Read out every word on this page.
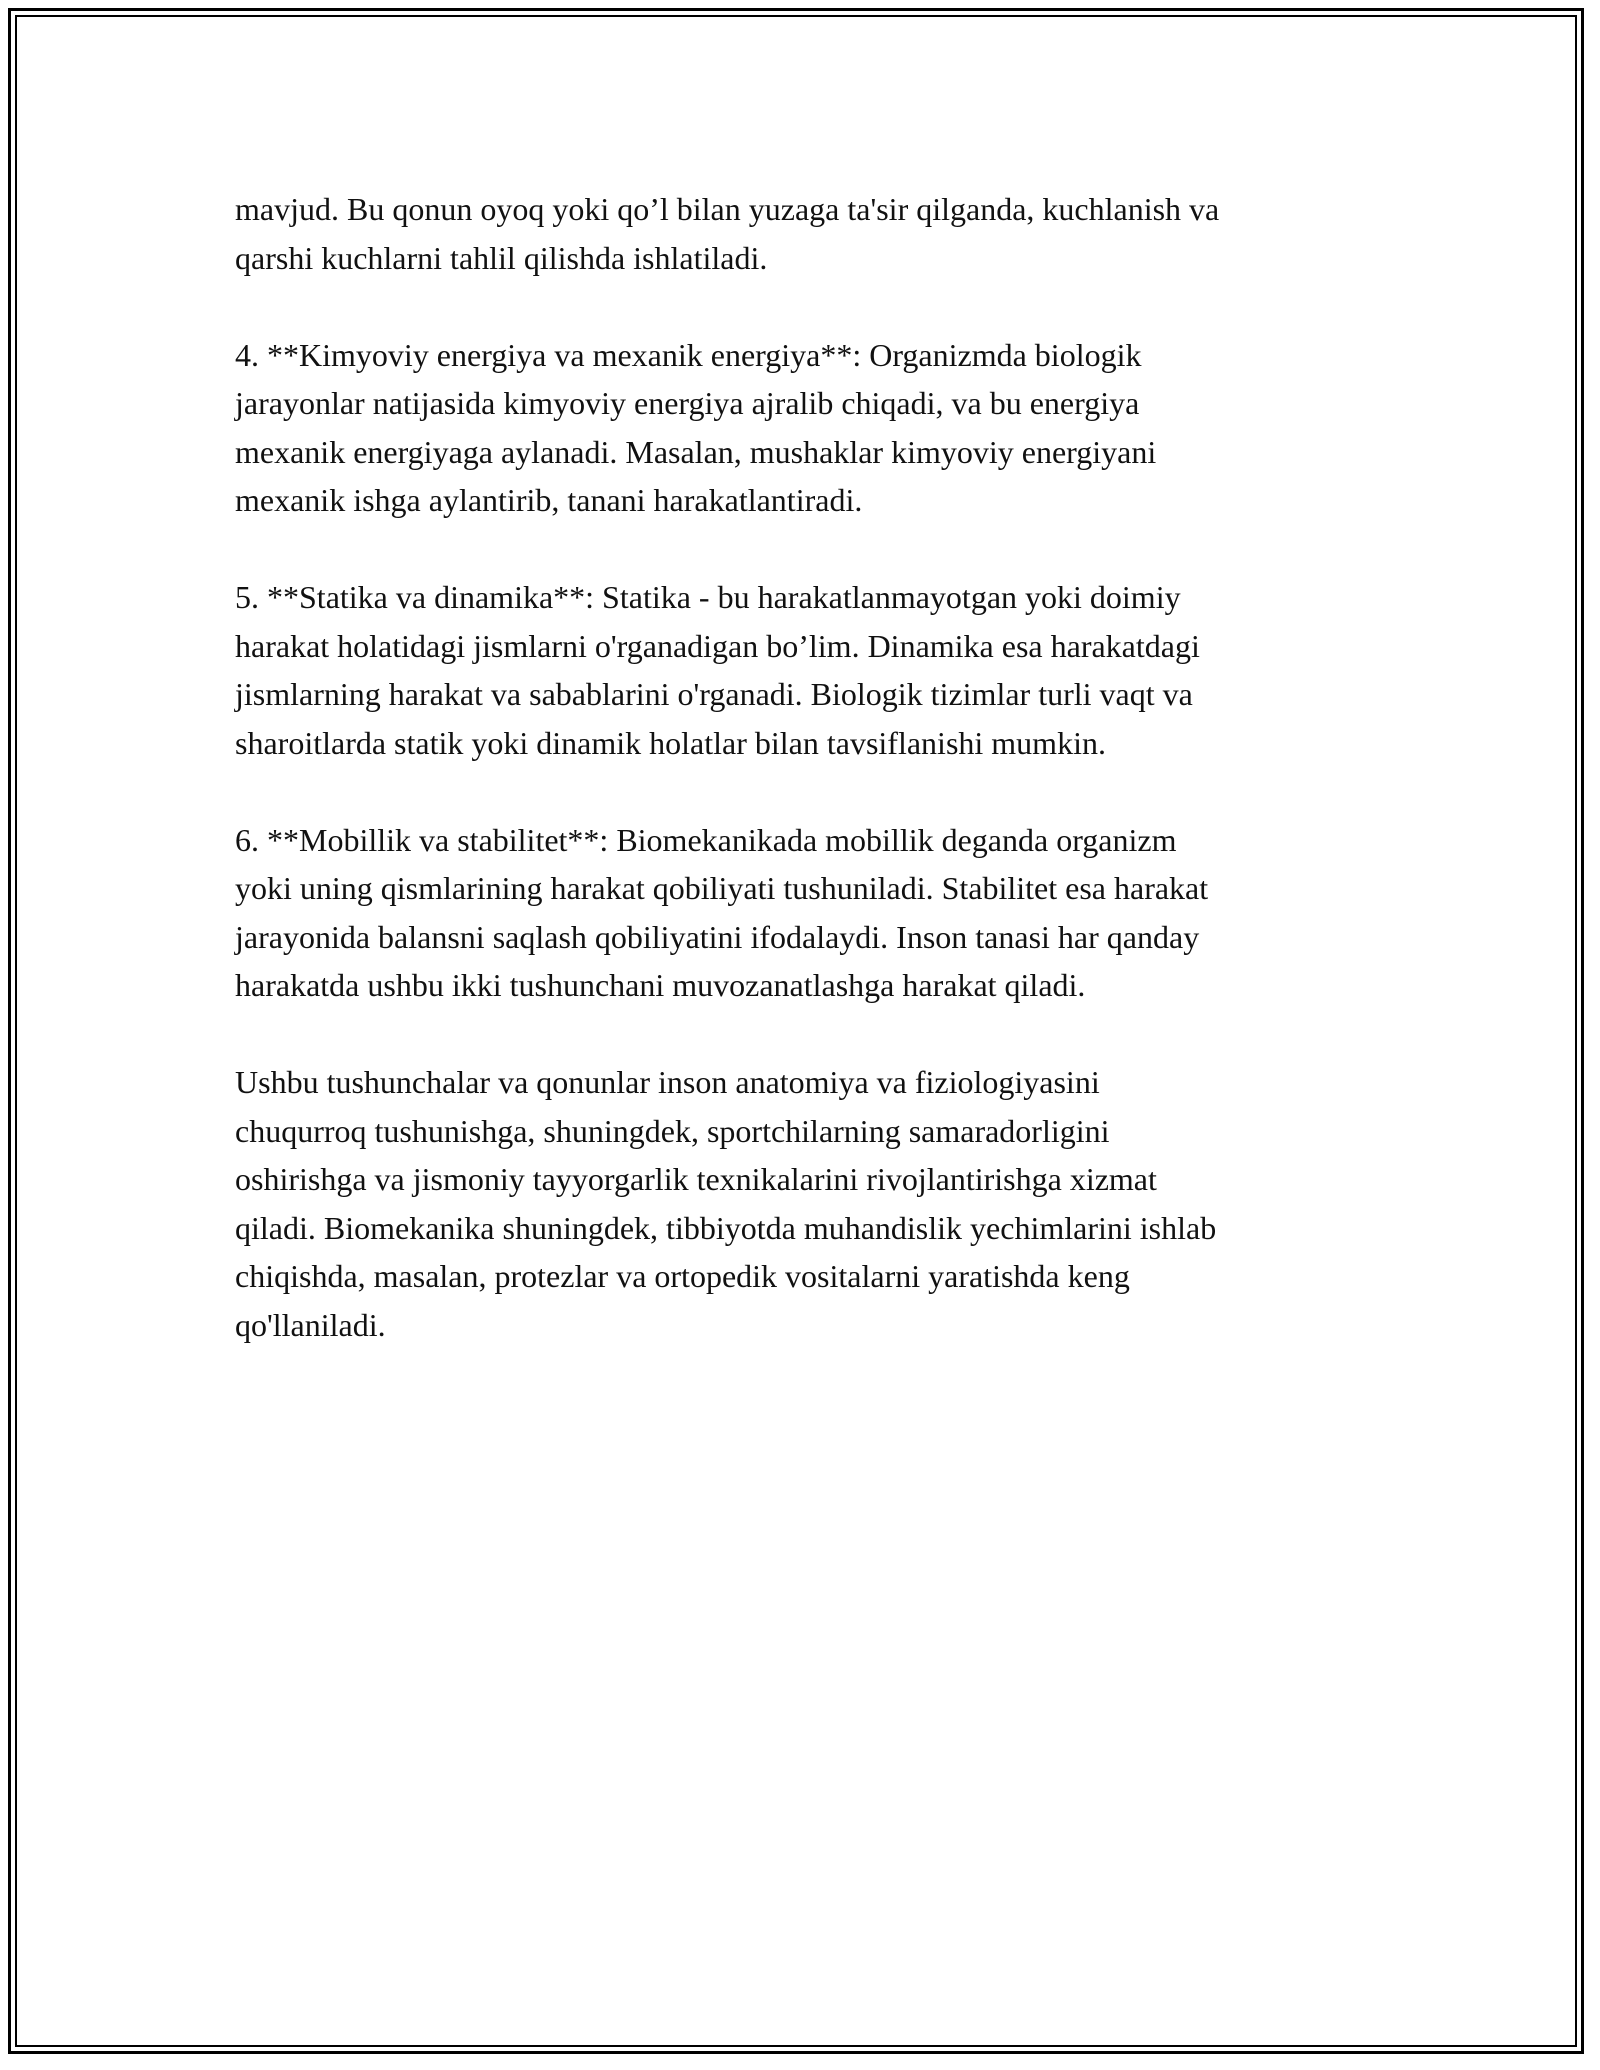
mavjud. Bu qonun oyoq yoki qo’l bilan yuzaga ta'sir qilganda, kuchlanish va
qarshi kuchlarni tahlil qilishda ishlatiladi.

4. **Kimyoviy energiya va mexanik energiya**: Organizmda biologik
jarayonlar natijasida kimyoviy energiya ajralib chiqadi, va bu energiya
mexanik energiyaga aylanadi. Masalan, mushaklar kimyoviy energiyani
mexanik ishga aylantirib, tanani harakatlantiradi.

5. **Statika va dinamika**: Statika - bu harakatlanmayotgan yoki doimiy
harakat holatidagi jismlarni o'rganadigan bo’lim. Dinamika esa harakatdagi
jismlarning harakat va sabablarini o'rganadi. Biologik tizimlar turli vaqt va
sharoitlarda statik yoki dinamik holatlar bilan tavsiflanishi mumkin.

6. **Mobillik va stabilitet**: Biomekanikada mobillik deganda organizm
yoki uning qismlarining harakat qobiliyati tushuniladi. Stabilitet esa harakat
jarayonida balansni saqlash qobiliyatini ifodalaydi. Inson tanasi har qanday
harakatda ushbu ikki tushunchani muvozanatlashga harakat qiladi.

Ushbu tushunchalar va qonunlar inson anatomiya va fiziologiyasini
chuqurroq tushunishga, shuningdek, sportchilarning samaradorligini
oshirishga va jismoniy tayyorgarlik texnikalarini rivojlantirishga xizmat
qiladi. Biomekanika shuningdek, tibbiyotda muhandislik yechimlarini ishlab
chiqishda, masalan, protezlar va ortopedik vositalarni yaratishda keng
qo'llaniladi.
